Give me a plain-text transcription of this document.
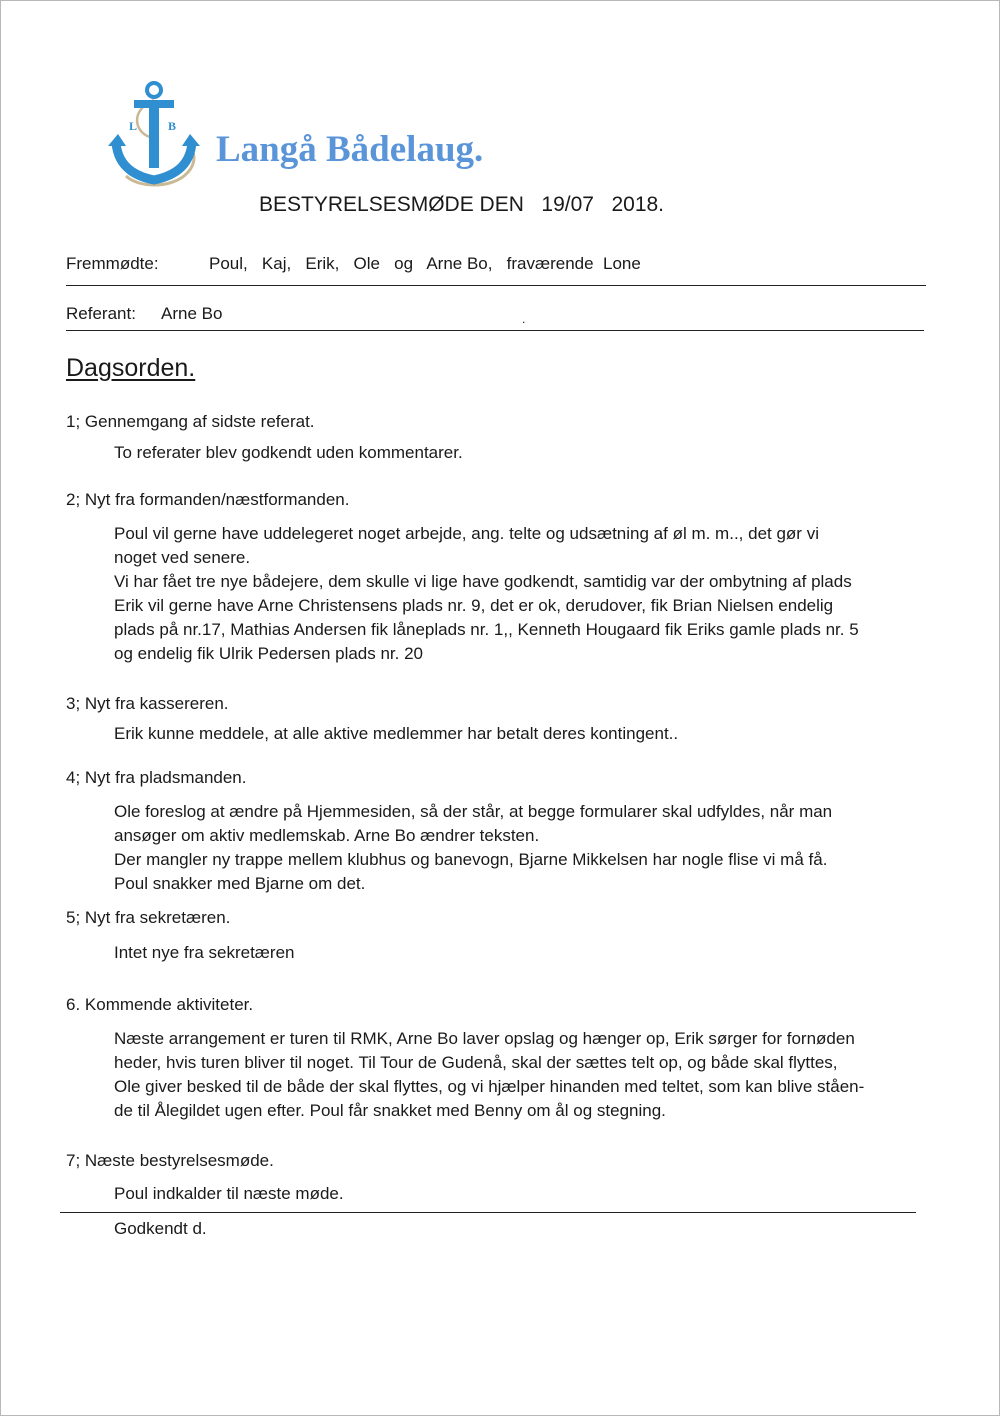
L	B
Langå Bådelaug.
BESTYRELSESMØDE DEN   19/07   2018.
Fremmødte:	Poul,   Kaj,   Erik,   Ole   og   Arne Bo,   fraværende  Lone
Referant: Arne Bo	.
Dagsorden.
1; Gennemgang af sidste referat.
To referater blev godkendt uden kommentarer.
2; Nyt fra formanden/næstformanden.
Poul vil gerne have uddelegeret noget arbejde, ang. telte og udsætning af øl m. m.., det gør vi
noget ved senere.
Vi har fået tre nye bådejere, dem skulle vi lige have godkendt, samtidig var der ombytning af plads
Erik vil gerne have Arne Christensens plads nr. 9, det er ok, derudover, fik Brian Nielsen endelig
plads på nr.17, Mathias Andersen fik låneplads nr. 1,, Kenneth Hougaard fik Eriks gamle plads nr. 5
og endelig fik Ulrik Pedersen plads nr. 20
3; Nyt fra kassereren.
Erik kunne meddele, at alle aktive medlemmer har betalt deres kontingent..
4; Nyt fra pladsmanden.
Ole foreslog at ændre på Hjemmesiden, så der står, at begge formularer skal udfyldes, når man
ansøger om aktiv medlemskab. Arne Bo ændrer teksten.
Der mangler ny trappe mellem klubhus og banevogn, Bjarne Mikkelsen har nogle flise vi må få.
Poul snakker med Bjarne om det.
5; Nyt fra sekretæren.
Intet nye fra sekretæren
6. Kommende aktiviteter.
Næste arrangement er turen til RMK, Arne Bo laver opslag og hænger op, Erik sørger for fornøden
heder, hvis turen bliver til noget. Til Tour de Gudenå, skal der sættes telt op, og både skal flyttes,
Ole giver besked til de både der skal flyttes, og vi hjælper hinanden med teltet, som kan blive ståen-
de til Ålegildet ugen efter. Poul får snakket med Benny om ål og stegning.
7; Næste bestyrelsesmøde.
Poul indkalder til næste møde.
Godkendt d.
